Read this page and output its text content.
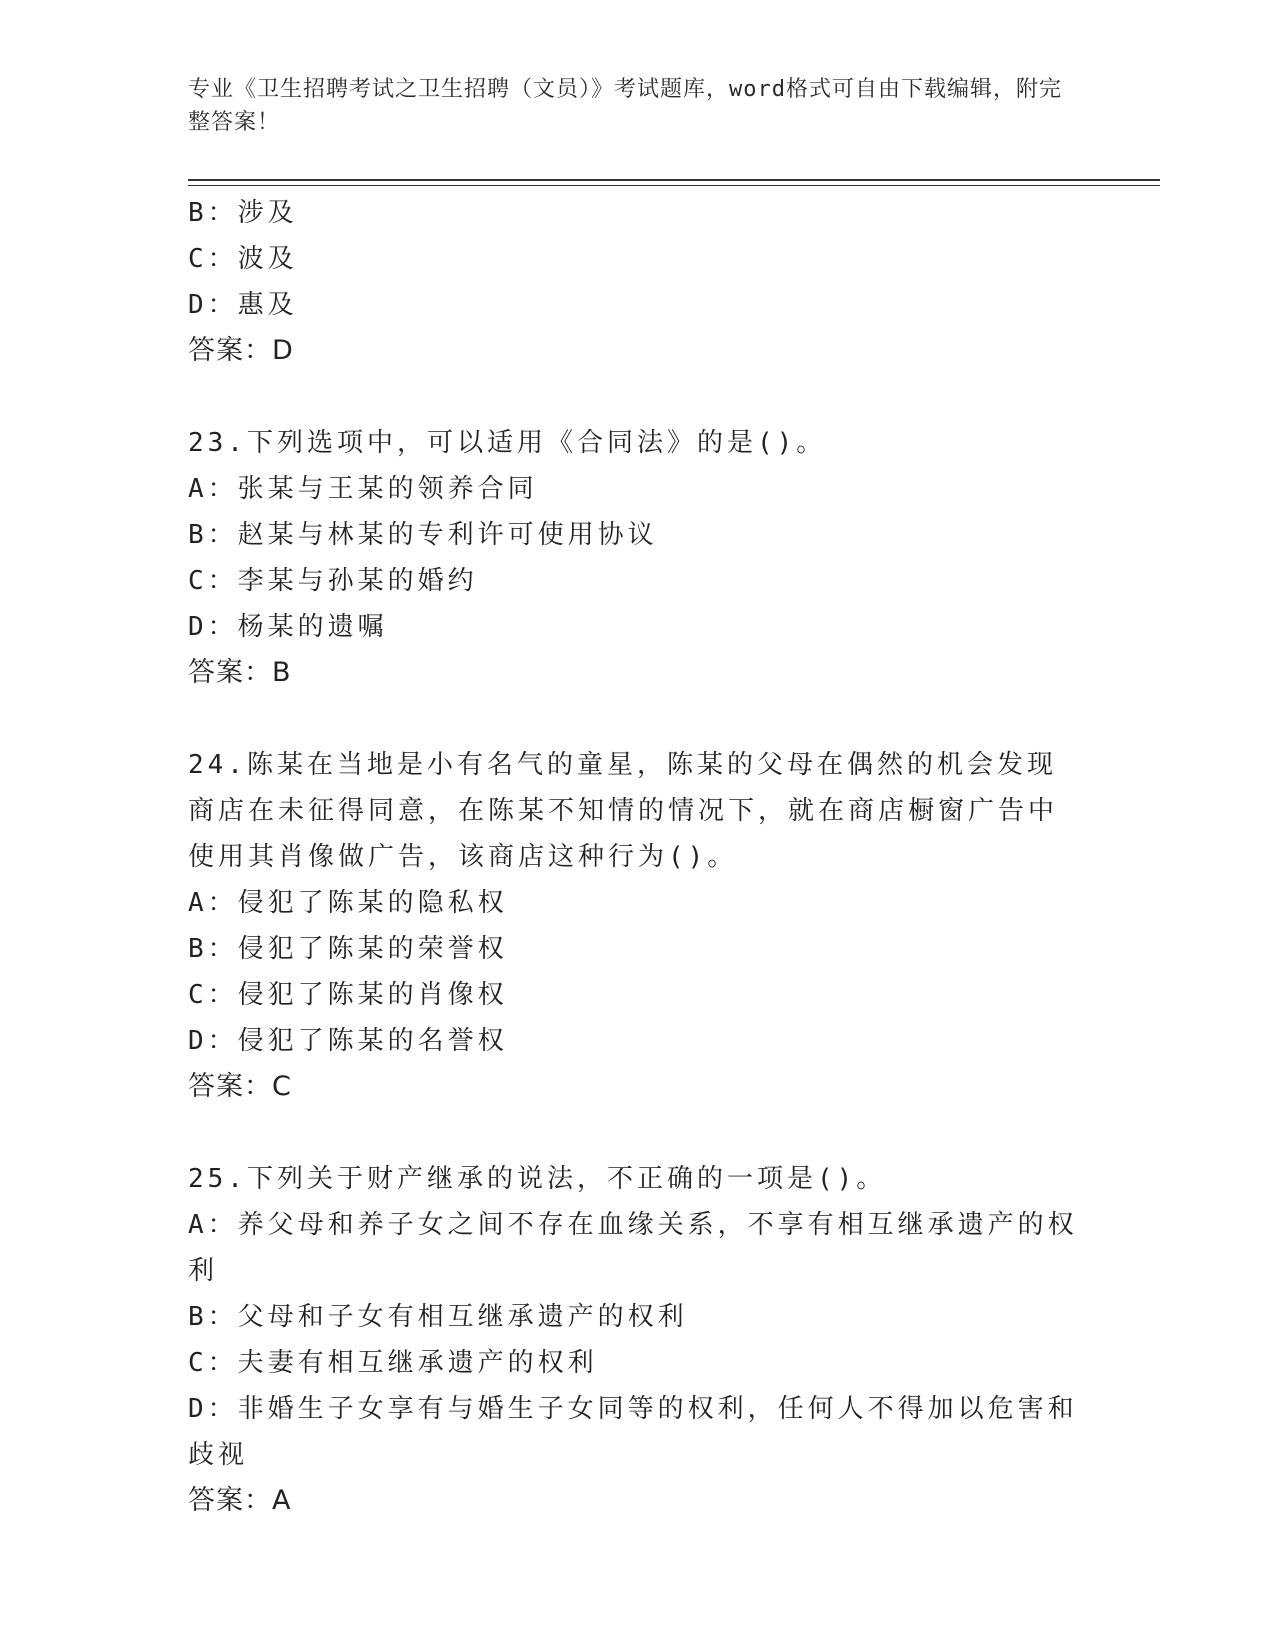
专业《卫生招聘考试之卫生招聘（文员）》考试题库，word格式可自由下载编辑，附完整答案！

B：涉及

C：波及

D：惠及

答案：D

23.下列选项中，可以适用《合同法》的是()。

A：张某与王某的领养合同

B：赵某与林某的专利许可使用协议

C：李某与孙某的婚约

D：杨某的遗嘱

答案：B

24.陈某在当地是小有名气的童星，陈某的父母在偶然的机会发现商店在未征得同意，在陈某不知情的情况下，就在商店橱窗广告中使用其肖像做广告，该商店这种行为()。

A：侵犯了陈某的隐私权

B：侵犯了陈某的荣誉权

C：侵犯了陈某的肖像权

D：侵犯了陈某的名誉权

答案：C

25.下列关于财产继承的说法，不正确的一项是()。

A：养父母和养子女之间不存在血缘关系，不享有相互继承遗产的权利

B：父母和子女有相互继承遗产的权利

C：夫妻有相互继承遗产的权利

D：非婚生子女享有与婚生子女同等的权利，任何人不得加以危害和歧视

答案：A
